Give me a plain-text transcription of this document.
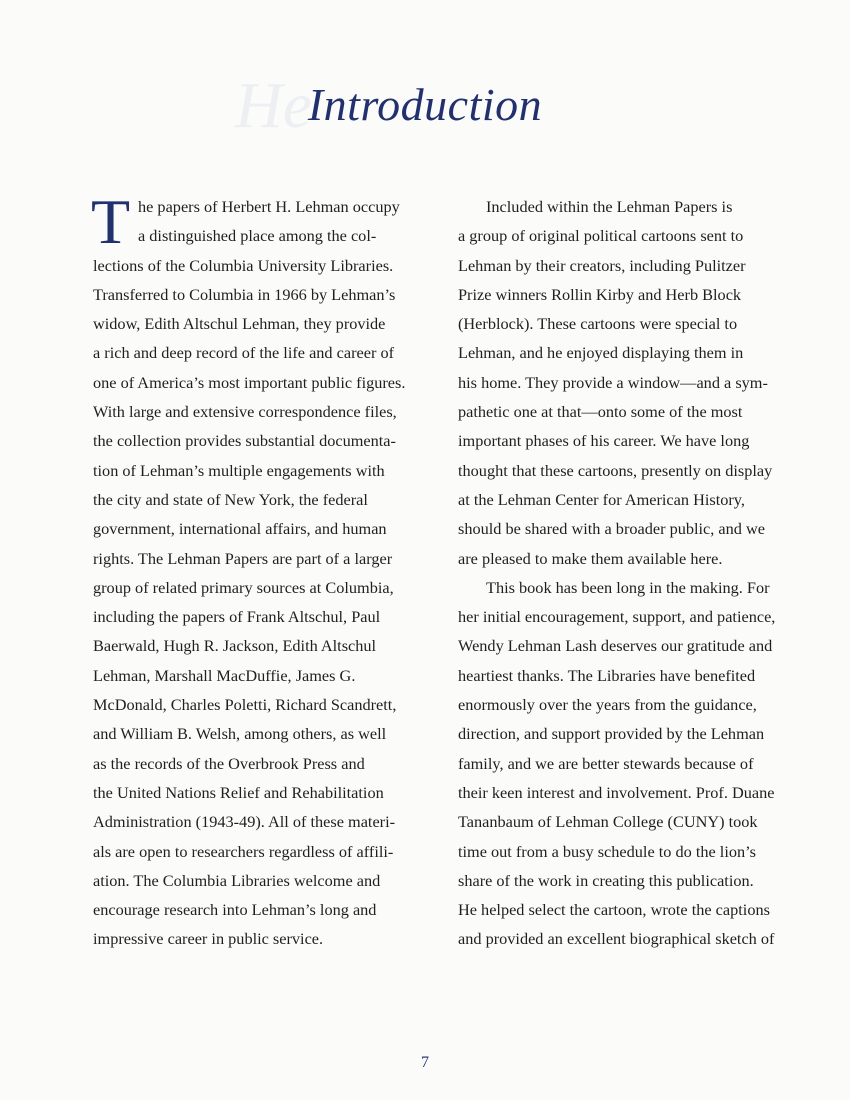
He
Introduction
T he papers of Herbert H. Lehman occupy
a distinguished place among the col-
lections of the Columbia University Libraries.
Transferred to Columbia in 1966 by Lehman’s
widow, Edith Altschul Lehman, they provide
a rich and deep record of the life and career of
one of America’s most important public figures.
With large and extensive correspondence files,
the collection provides substantial documenta-
tion of Lehman’s multiple engagements with
the city and state of New York, the federal
government, international affairs, and human
rights. The Lehman Papers are part of a larger
group of related primary sources at Columbia,
including the papers of Frank Altschul, Paul
Baerwald, Hugh R. Jackson, Edith Altschul
Lehman, Marshall MacDuffie, James G.
McDonald, Charles Poletti, Richard Scandrett,
and William B. Welsh, among others, as well
as the records of the Overbrook Press and
the United Nations Relief and Rehabilitation
Administration (1943-49). All of these materi-
als are open to researchers regardless of affili-
ation. The Columbia Libraries welcome and
encourage research into Lehman’s long and
impressive career in public service.
Included within the Lehman Papers is
a group of original political cartoons sent to
Lehman by their creators, including Pulitzer
Prize winners Rollin Kirby and Herb Block
(Herblock). These cartoons were special to
Lehman, and he enjoyed displaying them in
his home. They provide a window—and a sym-
pathetic one at that—onto some of the most
important phases of his career. We have long
thought that these cartoons, presently on display
at the Lehman Center for American History,
should be shared with a broader public, and we
are pleased to make them available here.
This book has been long in the making. For
her initial encouragement, support, and patience,
Wendy Lehman Lash deserves our gratitude and
heartiest thanks. The Libraries have benefited
enormously over the years from the guidance,
direction, and support provided by the Lehman
family, and we are better stewards because of
their keen interest and involvement. Prof. Duane
Tananbaum of Lehman College (CUNY) took
time out from a busy schedule to do the lion’s
share of the work in creating this publication.
He helped select the cartoon, wrote the captions
and provided an excellent biographical sketch of
7
